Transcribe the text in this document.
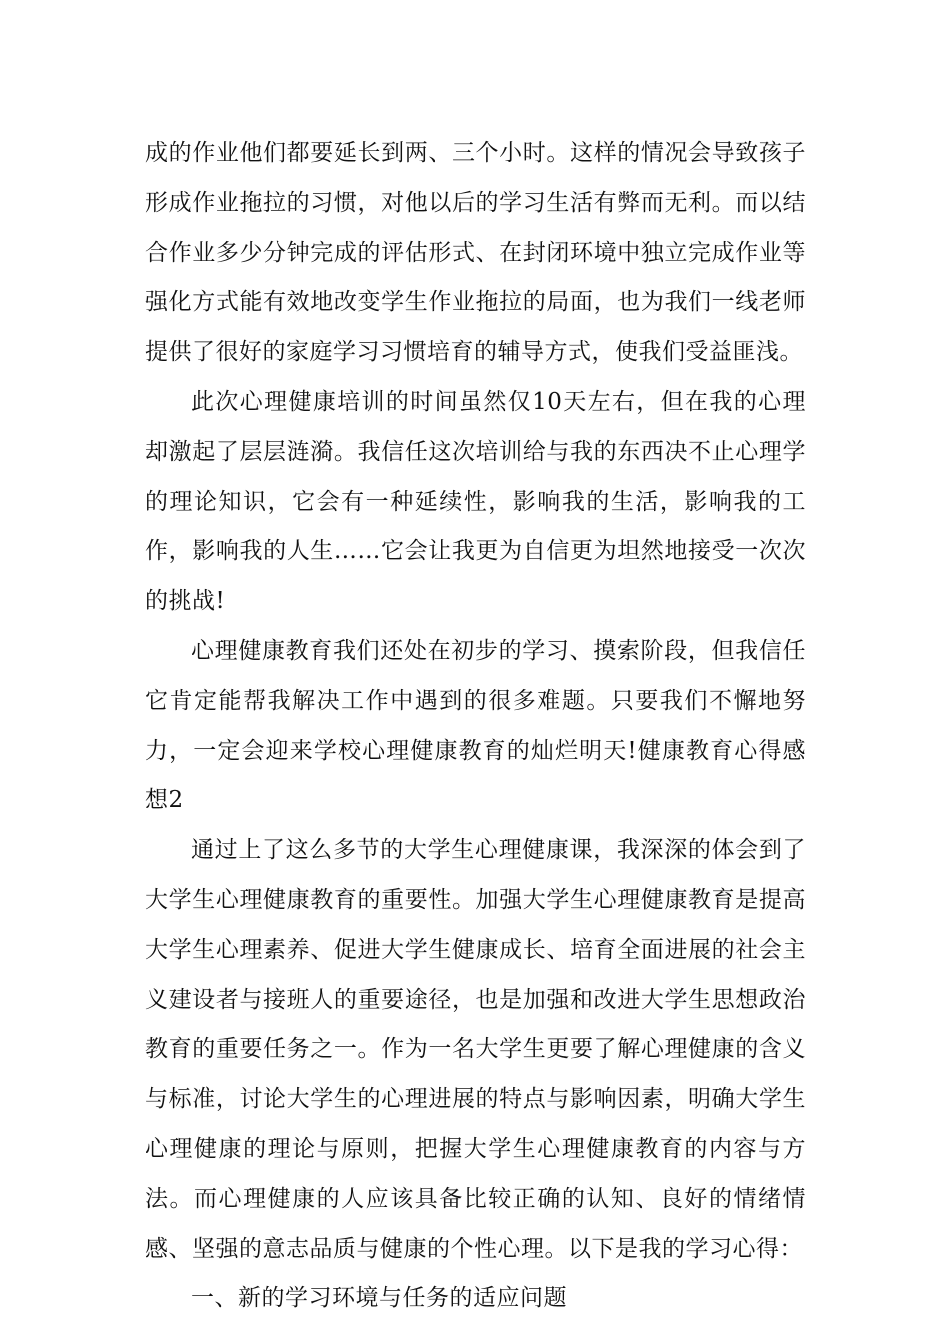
成的作业他们都要延长到两、三个小时。这样的情况会导致孩子形成作业拖拉的习惯，对他以后的学习生活有弊而无利。而以结合作业多少分钟完成的评估形式、在封闭环境中独立完成作业等强化方式能有效地改变学生作业拖拉的局面，也为我们一线老师提供了很好的家庭学习习惯培育的辅导方式，使我们受益匪浅。

此次心理健康培训的时间虽然仅10天左右，但在我的心理却激起了层层涟漪。我信任这次培训给与我的东西决不止心理学的理论知识，它会有一种延续性，影响我的生活，影响我的工作，影响我的人生……它会让我更为自信更为坦然地接受一次次的挑战!

心理健康教育我们还处在初步的学习、摸索阶段，但我信任它肯定能帮我解决工作中遇到的很多难题。只要我们不懈地努力，一定会迎来学校心理健康教育的灿烂明天!健康教育心得感想2

通过上了这么多节的大学生心理健康课，我深深的体会到了大学生心理健康教育的重要性。加强大学生心理健康教育是提高大学生心理素养、促进大学生健康成长、培育全面进展的社会主义建设者与接班人的重要途径，也是加强和改进大学生思想政治教育的重要任务之一。作为一名大学生更要了解心理健康的含义与标准，讨论大学生的心理进展的特点与影响因素，明确大学生心理健康的理论与原则，把握大学生心理健康教育的内容与方法。而心理健康的人应该具备比较正确的认知、良好的情绪情感、坚强的意志品质与健康的个性心理。以下是我的学习心得：

一、新的学习环境与任务的适应问题
